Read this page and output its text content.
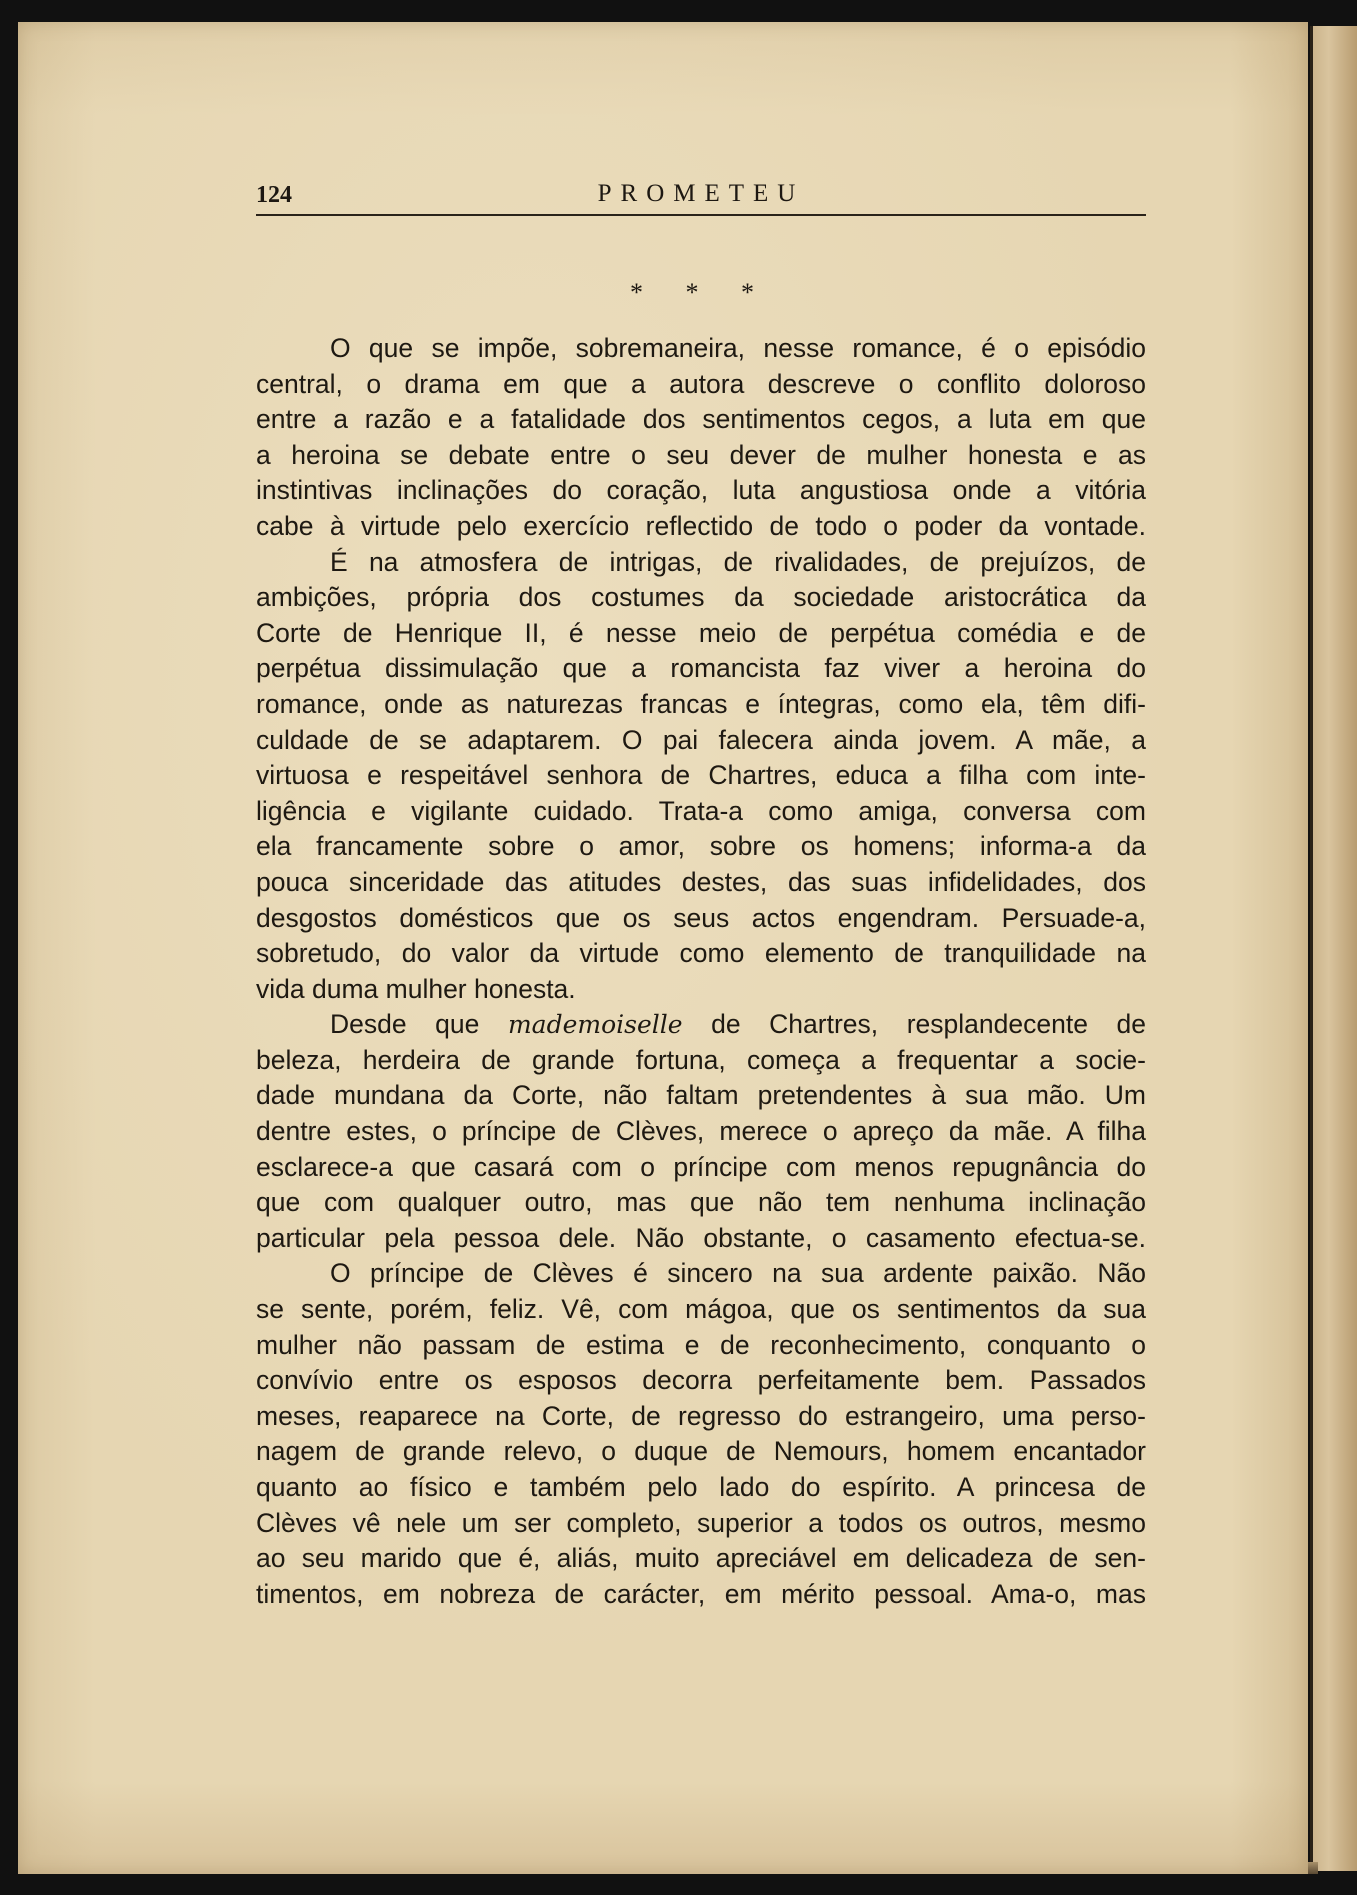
124	PROMETEU
* * *
O que se impõe, sobremaneira, nesse romance, é o episódio
central, o drama em que a autora descreve o conflito doloroso
entre a razão e a fatalidade dos sentimentos cegos, a luta em que
a heroina se debate entre o seu dever de mulher honesta e as
instintivas inclinações do coração, luta angustiosa onde a vitória
cabe à virtude pelo exercício reflectido de todo o poder da vontade.
É na atmosfera de intrigas, de rivalidades, de prejuízos, de
ambições, própria dos costumes da sociedade aristocrática da
Corte de Henrique II, é nesse meio de perpétua comédia e de
perpétua dissimulação que a romancista faz viver a heroina do
romance, onde as naturezas francas e íntegras, como ela, têm difi-
culdade de se adaptarem. O pai falecera ainda jovem. A mãe, a
virtuosa e respeitável senhora de Chartres, educa a filha com inte-
ligência e vigilante cuidado. Trata-a como amiga, conversa com
ela francamente sobre o amor, sobre os homens; informa-a da
pouca sinceridade das atitudes destes, das suas infidelidades, dos
desgostos domésticos que os seus actos engendram. Persuade-a,
sobretudo, do valor da virtude como elemento de tranquilidade na
vida duma mulher honesta.
Desde que mademoiselle de Chartres, resplandecente de
beleza, herdeira de grande fortuna, começa a frequentar a socie-
dade mundana da Corte, não faltam pretendentes à sua mão. Um
dentre estes, o príncipe de Clèves, merece o apreço da mãe. A filha
esclarece-a que casará com o príncipe com menos repugnância do
que com qualquer outro, mas que não tem nenhuma inclinação
particular pela pessoa dele. Não obstante, o casamento efectua-se.
O príncipe de Clèves é sincero na sua ardente paixão. Não
se sente, porém, feliz. Vê, com mágoa, que os sentimentos da sua
mulher não passam de estima e de reconhecimento, conquanto o
convívio entre os esposos decorra perfeitamente bem. Passados
meses, reaparece na Corte, de regresso do estrangeiro, uma perso-
nagem de grande relevo, o duque de Nemours, homem encantador
quanto ao físico e também pelo lado do espírito. A princesa de
Clèves vê nele um ser completo, superior a todos os outros, mesmo
ao seu marido que é, aliás, muito apreciável em delicadeza de sen-
timentos, em nobreza de carácter, em mérito pessoal. Ama-o, mas
